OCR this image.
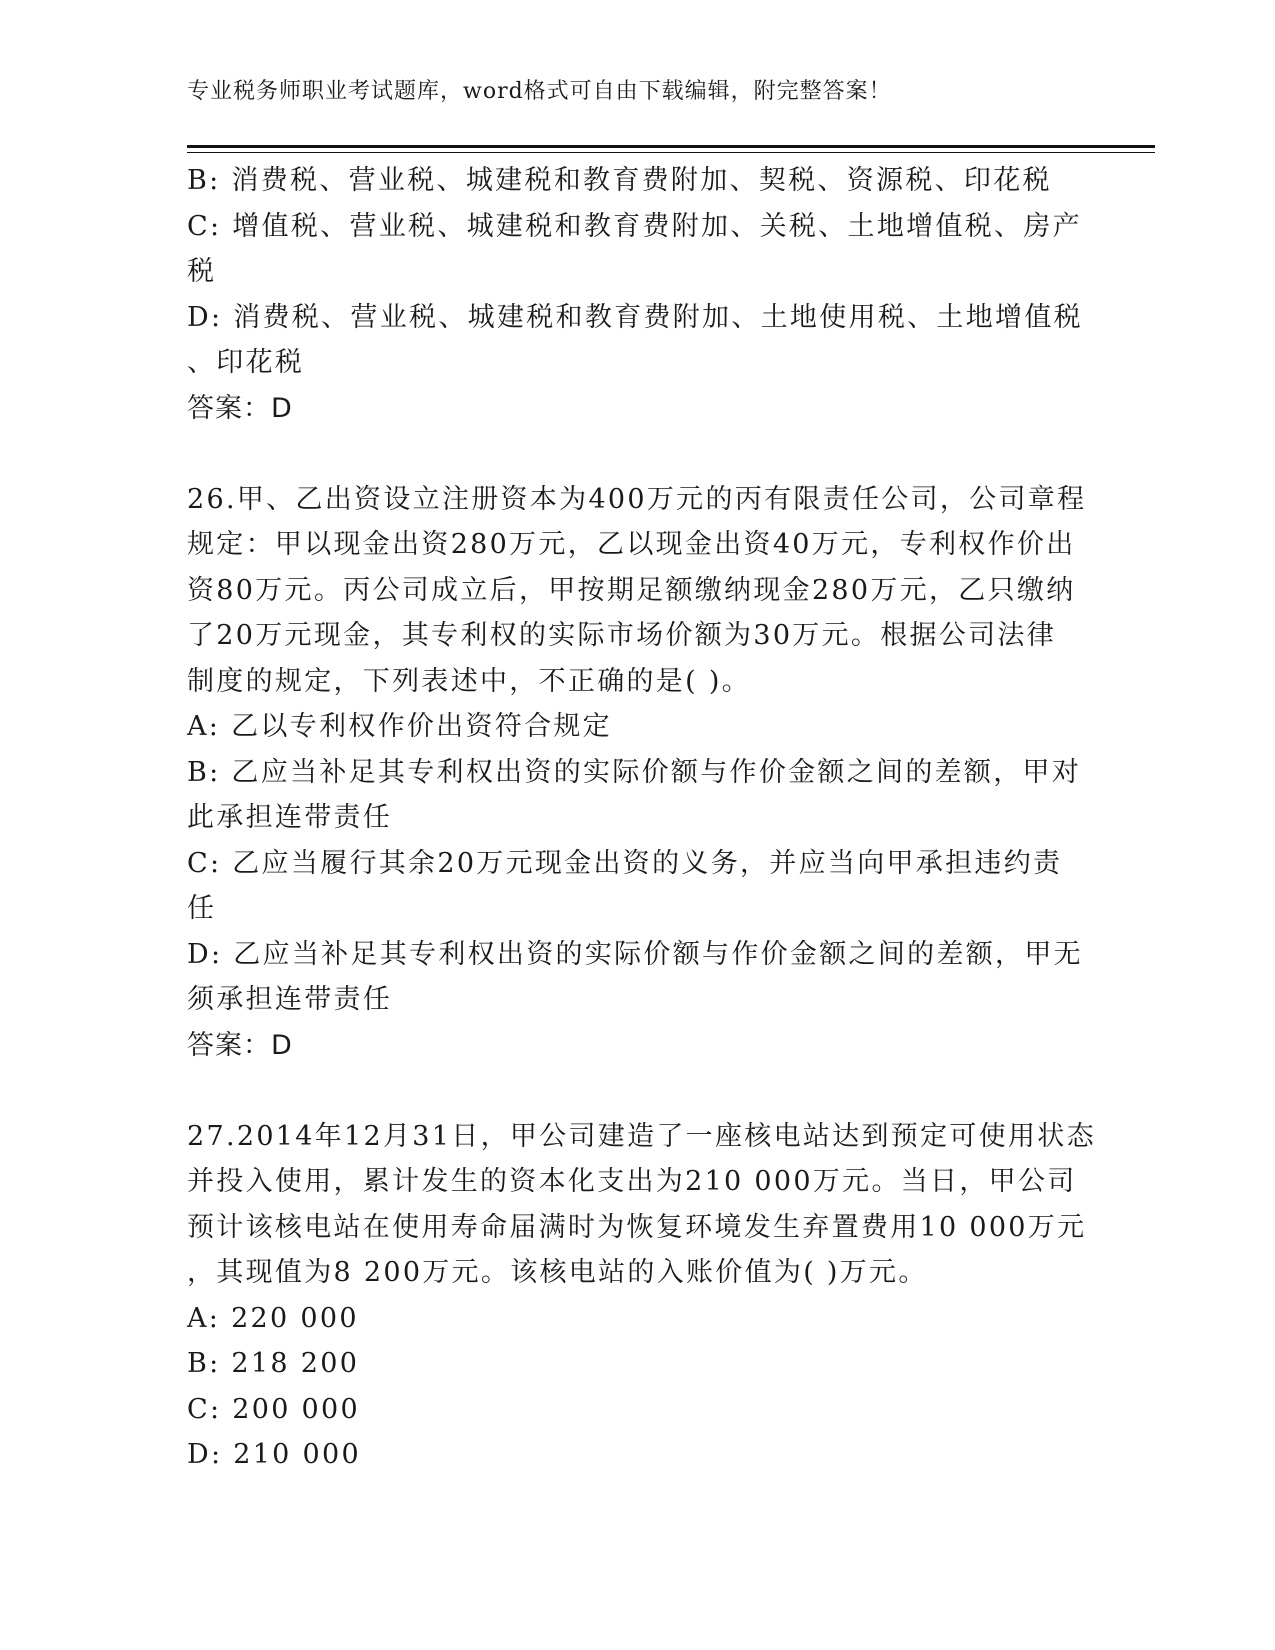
专业税务师职业考试题库，word格式可自由下载编辑，附完整答案！
B: 消费税、营业税、城建税和教育费附加、契税、资源税、印花税
C: 增值税、营业税、城建税和教育费附加、关税、土地增值税、房产
税
D: 消费税、营业税、城建税和教育费附加、土地使用税、土地增值税
、印花税
答案：D
26.甲、乙出资设立注册资本为400万元的丙有限责任公司，公司章程
规定：甲以现金出资280万元，乙以现金出资40万元，专利权作价出
资80万元。丙公司成立后，甲按期足额缴纳现金280万元，乙只缴纳
了20万元现金，其专利权的实际市场价额为30万元。根据公司法律
制度的规定，下列表述中，不正确的是( )。
A: 乙以专利权作价出资符合规定
B: 乙应当补足其专利权出资的实际价额与作价金额之间的差额，甲对
此承担连带责任
C: 乙应当履行其余20万元现金出资的义务，并应当向甲承担违约责
任
D: 乙应当补足其专利权出资的实际价额与作价金额之间的差额，甲无
须承担连带责任
答案：D
27.2014年12月31日，甲公司建造了一座核电站达到预定可使用状态
并投入使用，累计发生的资本化支出为210 000万元。当日，甲公司
预计该核电站在使用寿命届满时为恢复环境发生弃置费用10 000万元
，其现值为8 200万元。该核电站的入账价值为( )万元。
A: 220 000
B: 218 200
C: 200 000
D: 210 000
